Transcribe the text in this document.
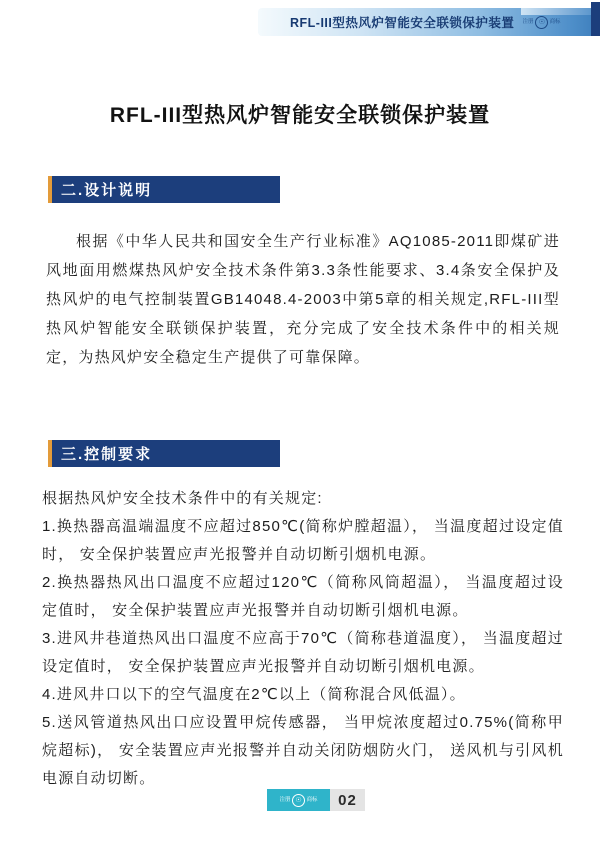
RFL-III型热风炉智能安全联锁保护装置 注册 ☉ 商标
RFL-III型热风炉智能安全联锁保护装置
二.设计说明

根据《中华人民共和国安全生产行业标准》AQ1085-2011即煤矿进风地面用燃煤热风炉安全技术条件第3.3条性能要求、3.4条安全保护及热风炉的电气控制装置GB14048.4-2003中第5章的相关规定,RFL-III型热风炉智能安全联锁保护装置，充分完成了安全技术条件中的相关规定，为热风炉安全稳定生产提供了可靠保障。

三.控制要求
根据热风炉安全技术条件中的有关规定:
1.换热器高温端温度不应超过850℃(简称炉膛超温）， 当温度超过设定值时， 安全保护装置应声光报警并自动切断引烟机电源。
2.换热器热风出口温度不应超过120℃（简称风筒超温）， 当温度超过设定值时， 安全保护装置应声光报警并自动切断引烟机电源。
3.进风井巷道热风出口温度不应高于70℃（简称巷道温度）， 当温度超过设定值时， 安全保护装置应声光报警并自动切断引烟机电源。
4.进风井口以下的空气温度在2℃以上（简称混合风低温）。
5.送风管道热风出口应设置甲烷传感器， 当甲烷浓度超过0.75%(简称甲烷超标)， 安全装置应声光报警并自动关闭防烟防火门， 送风机与引风机电源自动切断。
注册 ☉ 商标	02
